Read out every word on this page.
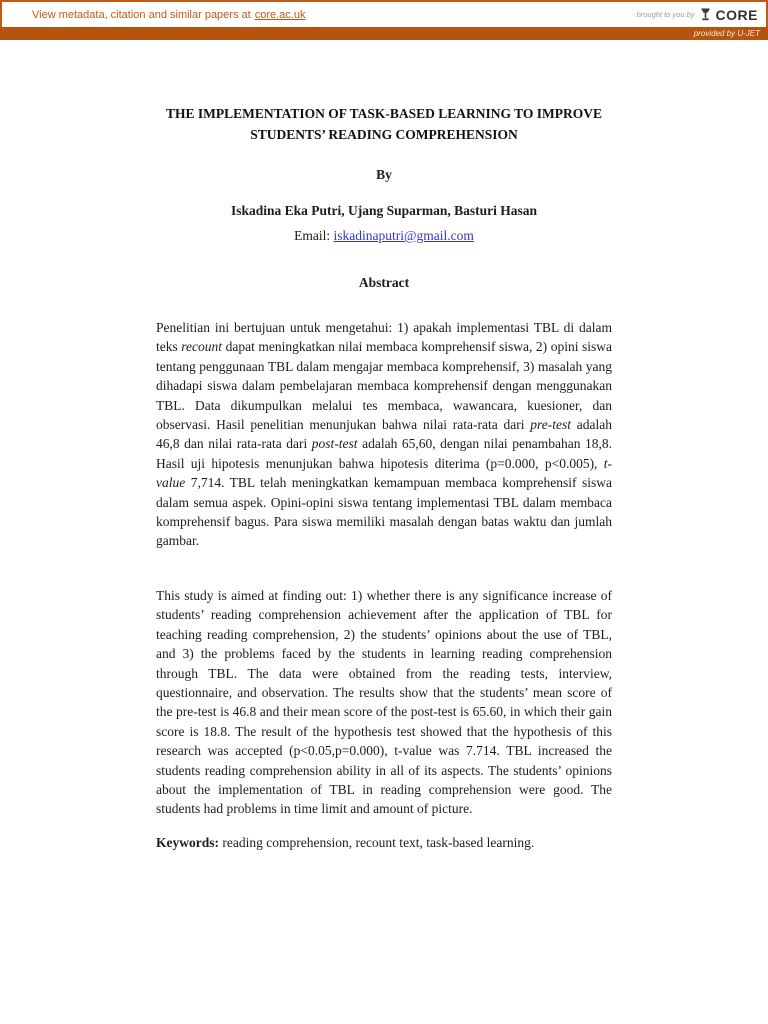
View metadata, citation and similar papers at core.ac.uk	brought to you by CORE
provided by U-JET
THE IMPLEMENTATION OF TASK-BASED LEARNING TO IMPROVE
STUDENTS’ READING COMPREHENSION
By
Iskadina Eka Putri, Ujang Suparman, Basturi Hasan
Email: iskadinaputri@gmail.com
Abstract

Penelitian ini bertujuan untuk mengetahui: 1) apakah implementasi TBL di dalam teks recount dapat meningkatkan nilai membaca komprehensif siswa, 2) opini siswa tentang penggunaan TBL dalam mengajar membaca komprehensif, 3) masalah yang dihadapi siswa dalam pembelajaran membaca komprehensif dengan menggunakan TBL. Data dikumpulkan melalui tes membaca, wawancara, kuesioner, dan observasi. Hasil penelitian menunjukan bahwa nilai rata-rata dari pre-test adalah 46,8 dan nilai rata-rata dari post-test adalah 65,60, dengan nilai penambahan 18,8. Hasil uji hipotesis menunjukan bahwa hipotesis diterima (p=0.000, p<0.005), t-value 7,714. TBL telah meningkatkan kemampuan membaca komprehensif siswa dalam semua aspek. Opini-opini siswa tentang implementasi TBL dalam membaca komprehensif bagus. Para siswa memiliki masalah dengan batas waktu dan jumlah gambar.

This study is aimed at finding out: 1) whether there is any significance increase of students’ reading comprehension achievement after the application of TBL for teaching reading comprehension, 2) the students’ opinions about the use of TBL, and 3) the problems faced by the students in learning reading comprehension through TBL. The data were obtained from the reading tests, interview, questionnaire, and observation. The results show that the students’ mean score of the pre-test is 46.8 and their mean score of the post-test is 65.60, in which their gain score is 18.8. The result of the hypothesis test showed that the hypothesis of this research was accepted (p<0.05,p=0.000), t-value was 7.714. TBL increased the students reading comprehension ability in all of its aspects. The students’ opinions about the implementation of TBL in reading comprehension were good. The students had problems in time limit and amount of picture.

Keywords: reading comprehension, recount text, task-based learning.
